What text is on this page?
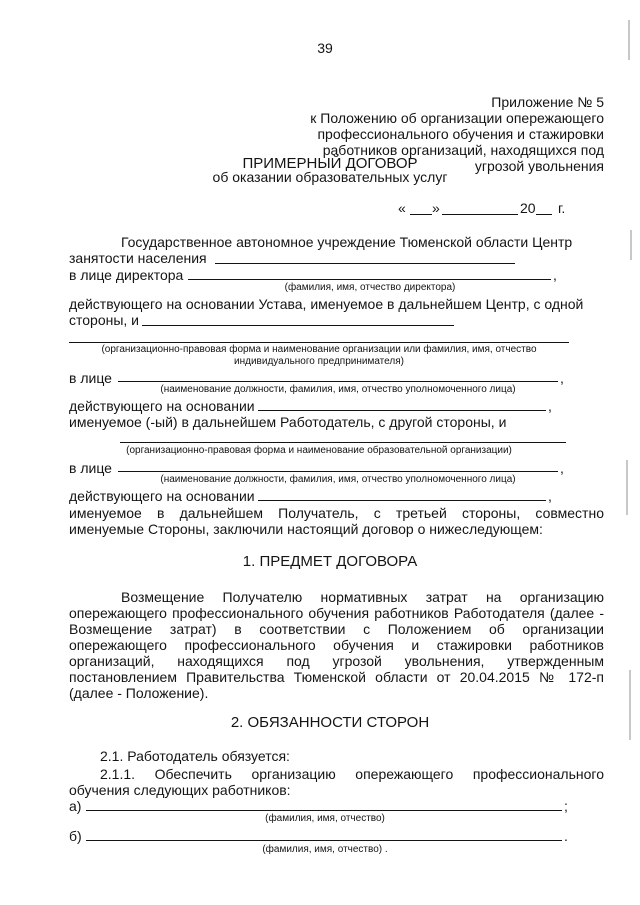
39
Приложение № 5
к Положению об организации опережающего
профессионального обучения и стажировки
работников организаций, находящихся под
угрозой увольнения
ПРИМЕРНЫЙ ДОГОВОР
об оказании образовательных услуг
« »	20 г.
Государственное автономное учреждение Тюменской области Центр
занятости населения
в лице директора	,
(фамилия, имя, отчество директора)
действующего на основании Устава, именуемое в дальнейшем Центр, с одной
стороны, и
(организационно-правовая форма и наименование организации или фамилия, имя, отчество
индивидуального предпринимателя)
в лице	,
(наименование должности, фамилия, имя, отчество уполномоченного лица)
действующего на основании	,
именуемое (-ый) в дальнейшем Работодатель, с другой стороны, и
(организационно-правовая форма и наименование образовательной организации)
в лице	,
(наименование должности, фамилия, имя, отчество уполномоченного лица)
действующего на основании	,
именуемое в дальнейшем Получатель, с третьей стороны, совместно
именуемые Стороны, заключили настоящий договор о нижеследующем:
1. ПРЕДМЕТ ДОГОВОРА
Возмещение Получателю нормативных затрат на организацию
опережающего профессионального обучения работников Работодателя (далее -
Возмещение затрат) в соответствии с Положением об организации
опережающего профессионального обучения и стажировки работников
организаций, находящихся под угрозой увольнения, утвержденным
постановлением Правительства Тюменской области от 20.04.2015 № 172-п
(далее - Положение).
2. ОБЯЗАННОСТИ СТОРОН
2.1. Работодатель обязуется:
2.1.1. Обеспечить организацию опережающего профессионального
обучения следующих работников:
а)	;
(фамилия, имя, отчество)
б)	.
(фамилия, имя, отчество) .
